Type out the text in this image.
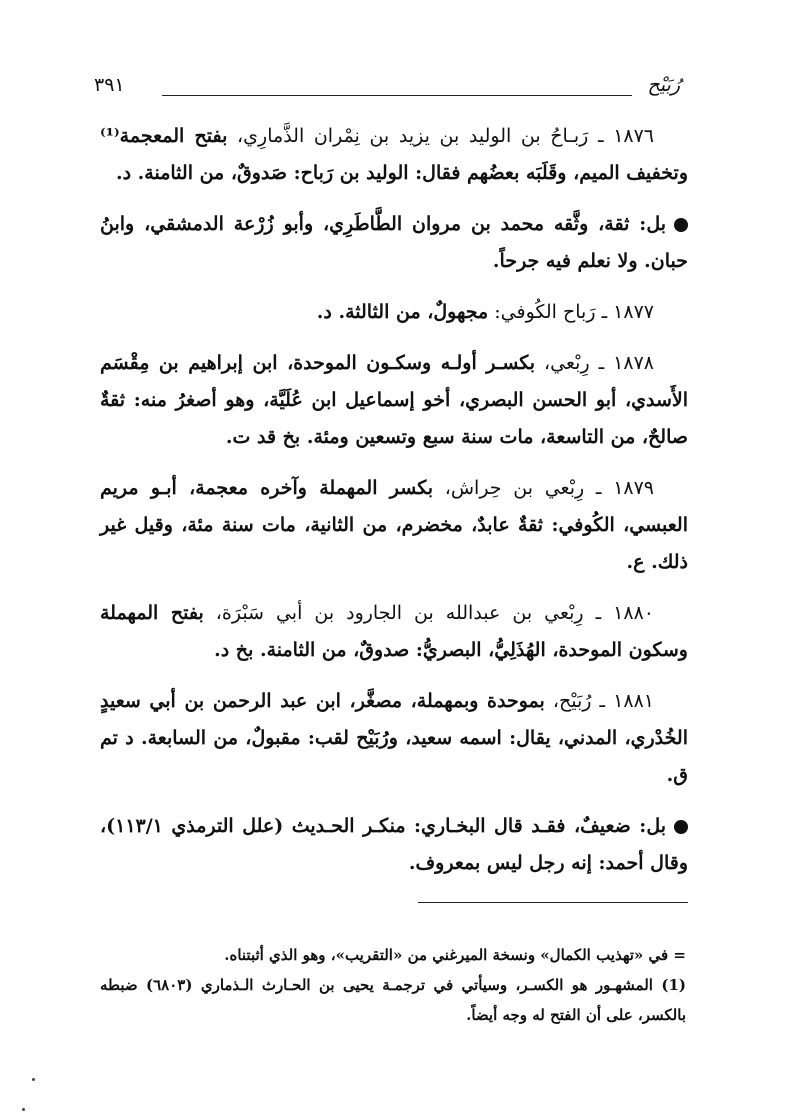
رُبَيْح
٣٩١

١٨٧٦ ـ رَبـاحُ بن الوليد بن يزيد بن نِمْران الذَّمارِي، بفتح المعجمة⁽¹⁾ وتخفيف الميم، وقَلَبَه بعضُهم فقال: الوليد بن رَباح: صَدوقٌ، من الثامنة. د.

بل: ثقة، وثَّقه محمد بن مروان الطَّاطَرِي، وأبو زُرْعة الدمشقي، وابنُ حبان. ولا نعلم فيه جرحاً.

١٨٧٧ ـ رَباح الكُوفي: مجهولٌ، من الثالثة. د.

١٨٧٨ ـ رِبْعي، بكسـر أولـه وسكـون الموحدة، ابن إبراهيم بن مِقْسَم الأَسدي، أبو الحسن البصري، أخو إسماعيل ابن عُلَيَّة، وهو أصغرُ منه: ثقةٌ صالحٌ، من التاسعة، مات سنة سبع وتسعين ومئة. بخ قد ت.

١٨٧٩ ـ رِبْعي بن حِراش، بكسر المهملة وآخره معجمة، أبـو مريم العبسي، الكُوفي: ثقةٌ عابدٌ، مخضرم، من الثانية، مات سنة مئة، وقيل غير ذلك. ع.

١٨٨٠ ـ رِبْعي بن عبدالله بن الجارود بن أبي سَبْرَة، بفتح المهملة وسكون الموحدة، الهُذَلِيُّ، البصريُّ: صدوقٌ، من الثامنة. بخ د.

١٨٨١ ـ رُبَيْح، بموحدة وبمهملة، مصغَّر، ابن عبد الرحمن بن أبي سعيدٍ الخُدْري، المدني، يقال: اسمه سعيد، ورُبَيْح لقب: مقبولٌ، من السابعة. د تم ق.

بل: ضعيفٌ، فقـد قال البخـاري: منكـر الحـديث (علل الترمذي ١١٣/١)، وقال أحمد: إنه رجل ليس بمعروف.

= في «تهذيب الكمال» ونسخة الميرغني من «التقريب»، وهو الذي أثبتناه.

(1) المشهـور هو الكسـر، وسيأتي في ترجمـة يحيى بن الحـارث الـذماري (٦٨٠٣) ضبطه بالكسر، على أن الفتح له وجه أيضاً.
